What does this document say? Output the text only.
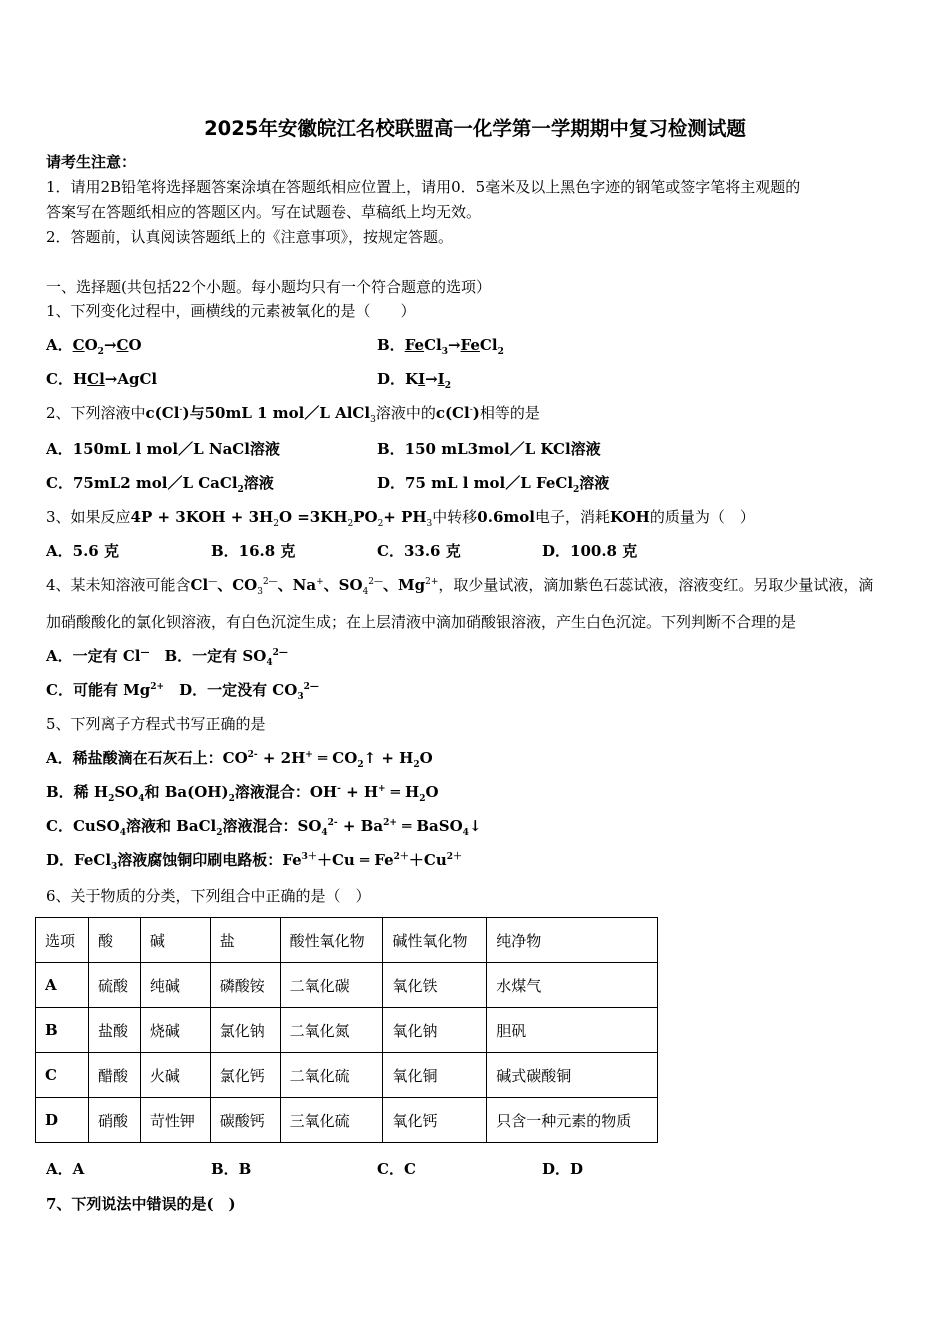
2025年安徽皖江名校联盟高一化学第一学期期中复习检测试题
请考生注意：
1．请用2B铅笔将选择题答案涂填在答题纸相应位置上，请用0．5毫米及以上黑色字迹的钢笔或签字笔将主观题的
答案写在答题纸相应的答题区内。写在试题卷、草稿纸上均无效。
2．答题前，认真阅读答题纸上的《注意事项》，按规定答题。
一、选择题(共包括22个小题。每小题均只有一个符合题意的选项）
1、下列变化过程中，画横线的元素被氧化的是（　　）
A．$CO_2\to CO$	B．FeCl$_3$→FeCl$_2$
C．HCl→AgCl	D．$KI\to I_2$
2、下列溶液中c(Cl-)与50mL 1 mol／L AlCl$_3$溶液中的c(Cl-)相等的是
A．150mL l mol／L NaCl溶液	B．150 mL3mol／L KCl溶液
C．75mL2 mol／L CaCl$_2$溶液	D．75 mL l mol／L FeCl$_2$溶液
3、如果反应$4P + 3KOH + 3H_2O =3KH_2PO_2+ PH_3$中转移0.6mol电子，消耗KOH的质量为（　）
A．5.6 克	B．16.8 克	C．33.6 克	D．100.8 克
4、某未知溶液可能含Cl—、$CO_3^{2—}$、Na+、$SO_4^{2—}$、$Mg^{2+}$，取少量试液，滴加紫色石蕊试液，溶液变红。另取少量试液，滴
加硝酸酸化的氯化钡溶液，有白色沉淀生成；在上层清液中滴加硝酸银溶液，产生白色沉淀。下列判断不合理的是
A．一定有 Cl—　B．一定有 $SO_4^{2—}$
C．可能有 $Mg^{2+}$　D．一定没有 $CO_3^{2—}$
5、下列离子方程式书写正确的是
A．稀盐酸滴在石灰石上：$CO^{2-} + 2H^+$ ═ $CO_2↑ + H_2O$
B．稀 $H_2SO_4$和 $Ba(OH)_2$溶液混合：OH- + H+ ═ $H_2O$
C．CuSO$_4$溶液和 BaCl$_2$溶液混合：$SO_4^{2-} + Ba^{2+}$ ═ BaSO$_4$↓
D．FeCl$_3$溶液腐蚀铜印刷电路板：$Fe^{3+}+Cu$ ═ $Fe^{2+}+Cu^{2+}$
6、关于物质的分类，下列组合中正确的是（　）
选项	酸	碱	盐	酸性氧化物	碱性氧化物	纯净物
A	硫酸	纯碱	磷酸铵	二氧化碳	氧化铁	水煤气
B	盐酸	烧碱	氯化钠	二氧化氮	氧化钠	胆矾
C	醋酸	火碱	氯化钙	二氧化硫	氧化铜	碱式碳酸铜
D	硝酸	苛性钾	碳酸钙	三氧化硫	氧化钙	只含一种元素的物质
A．A	B．B	C．C	D．D
7、下列说法中错误的是(　)
